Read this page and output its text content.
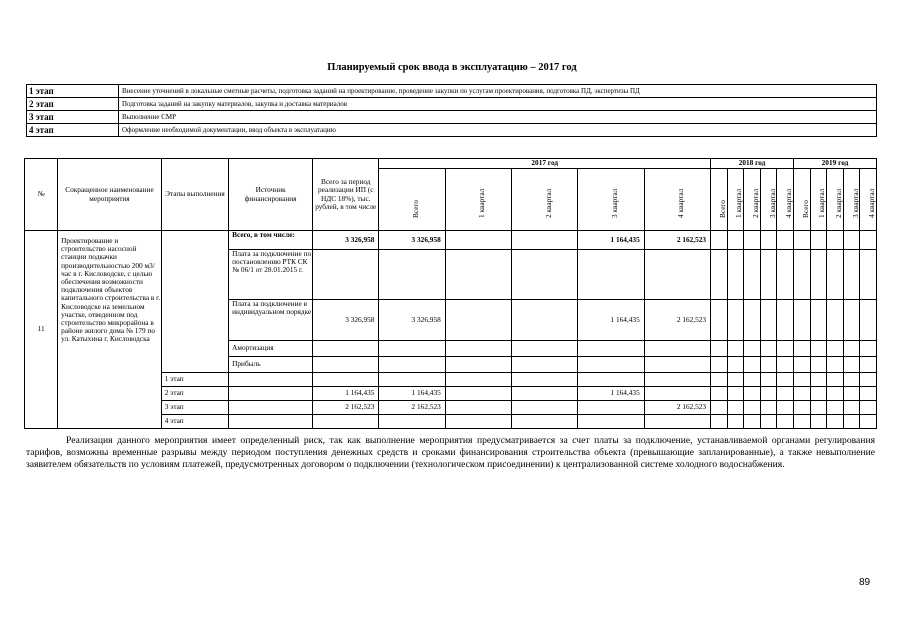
Планируемый срок ввода в эксплуатацию – 2017 год
1 этап	Внесение уточнений в локальные сметные расчеты, подготовка заданий на проектирование, проведение закупки по услугам проектирования, подготовка ПД, экспертизы ПД
2 этап	Подготовка заданий на закупку материалов, закупка и доставка материалов
3 этап	Выполнение СМР
4 этап	Оформление необходимой документации, ввод объекта в эксплуатацию
№	Сокращенное наименование мероприятия	Этапы выполнения	Источник финансирования	Всего за период реализации ИП (с НДС 18%), тыс. рублей, в том числе	2017 год					2018 год					2019 год				

					Всего	1 квартал	2 квартал	3 квартал	4 квартал	Всего	1 квартал	2 квартал	3 квартал	4 квартал	Всего	1 квартал	2 квартал	3 квартал	4 квартал

11	Проектирование и строительство насосной станции подкачки производительностью 200 м3/час в г. Кисловодске, с целью обеспечения возможности подключения объектов капитального строительства в г. Кисловодске на земельном участке, отведенном под строительство микрорайона в районе жилого дома № 179 по ул. Катыхина г. Кисловодска		Всего, в том числе:	3 326,958	3 326,958			1 164,435	2 162,523										
			Плата за подключение по постановлению РТК СК № 06/1 от 28.01.2015 г.																
			Плата за подключение в индивидуальном порядке	3 326,958	3 326,958			1 164,435	2 162,523										
			Амортизация																
			Прибыль																
		1 этап																	
		2 этап		1 164,435	1 164,435			1 164,435											
		3 этап		2 162,523	2 162,523				2 162,523										
		4 этап																	
Реализация данного мероприятия имеет определенный риск, так как выполнение мероприятия предусматривается за счет платы за подключение, устанавливаемой органами регулирования тарифов, возможны временные разрывы между периодом поступления денежных средств и сроками финансирования строительства объекта (превышающие запланированные), а также невыполнение заявителем обязательств по условиям платежей, предусмотренных договором о подключении (технологическом присоединении) к централизованной системе холодного водоснабжения.
89
